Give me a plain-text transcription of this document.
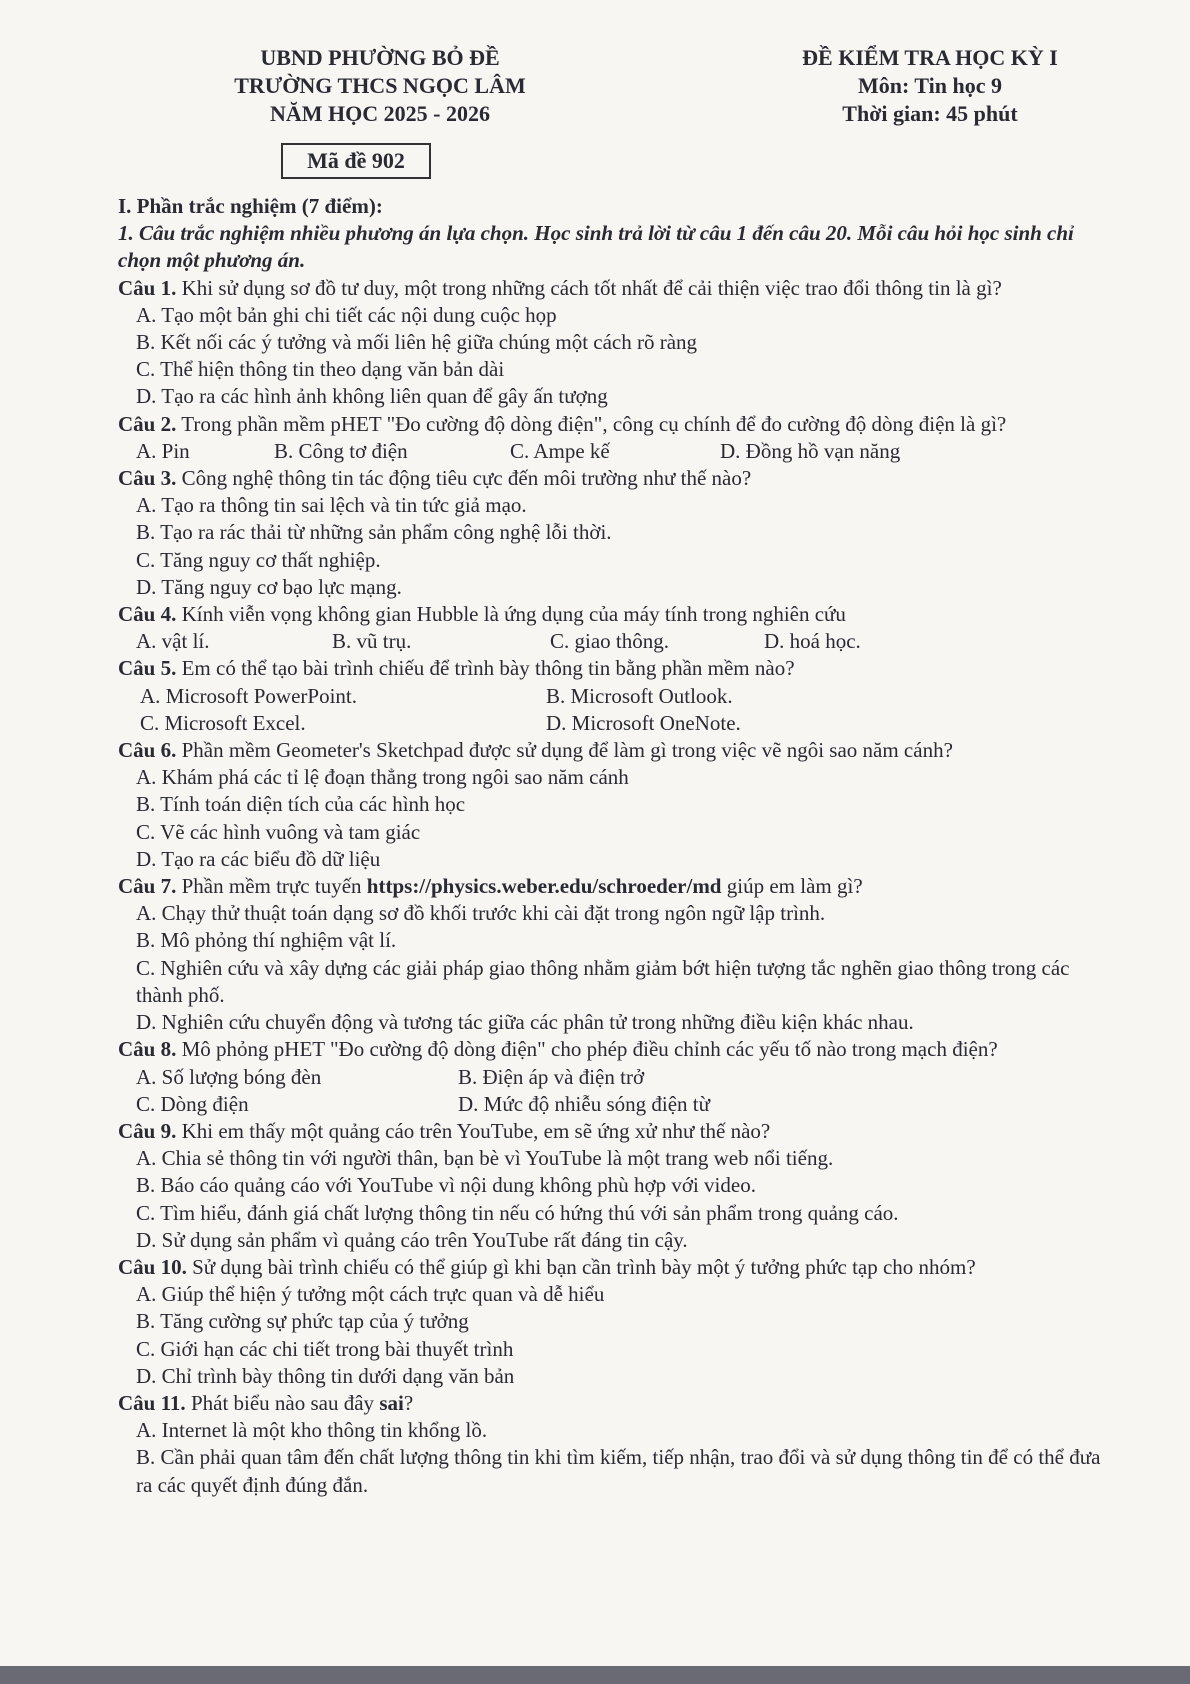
UBND PHƯỜNG BỎ ĐỀ
TRƯỜNG THCS NGỌC LÂM
NĂM HỌC 2025 - 2026
ĐỀ KIỂM TRA HỌC KỲ I
Môn: Tin học 9
Thời gian: 45 phút
Mã đề 902
I. Phần trắc nghiệm (7 điểm):
1. Câu trắc nghiệm nhiều phương án lựa chọn. Học sinh trả lời từ câu 1 đến câu 20. Mỗi câu hỏi học sinh chỉ chọn một phương án.
Câu 1. Khi sử dụng sơ đồ tư duy, một trong những cách tốt nhất để cải thiện việc trao đổi thông tin là gì?
A. Tạo một bản ghi chi tiết các nội dung cuộc họp
B. Kết nối các ý tưởng và mối liên hệ giữa chúng một cách rõ ràng
C. Thể hiện thông tin theo dạng văn bản dài
D. Tạo ra các hình ảnh không liên quan để gây ấn tượng
Câu 2. Trong phần mềm pHET "Đo cường độ dòng điện", công cụ chính để đo cường độ dòng điện là gì?
A. Pin	B. Công tơ điện	C. Ampe kế	D. Đồng hồ vạn năng
Câu 3. Công nghệ thông tin tác động tiêu cực đến môi trường như thế nào?
A. Tạo ra thông tin sai lệch và tin tức giả mạo.
B. Tạo ra rác thải từ những sản phẩm công nghệ lỗi thời.
C. Tăng nguy cơ thất nghiệp.
D. Tăng nguy cơ bạo lực mạng.
Câu 4. Kính viễn vọng không gian Hubble là ứng dụng của máy tính trong nghiên cứu
A. vật lí.	B. vũ trụ.	C. giao thông.	D. hoá học.
Câu 5. Em có thể tạo bài trình chiếu để trình bày thông tin bằng phần mềm nào?
A. Microsoft PowerPoint.	B. Microsoft Outlook.
C. Microsoft Excel.	D. Microsoft OneNote.
Câu 6. Phần mềm Geometer's Sketchpad được sử dụng để làm gì trong việc vẽ ngôi sao năm cánh?
A. Khám phá các tỉ lệ đoạn thẳng trong ngôi sao năm cánh
B. Tính toán diện tích của các hình học
C. Vẽ các hình vuông và tam giác
D. Tạo ra các biểu đồ dữ liệu
Câu 7. Phần mềm trực tuyến https://physics.weber.edu/schroeder/md giúp em làm gì?
A. Chạy thử thuật toán dạng sơ đồ khối trước khi cài đặt trong ngôn ngữ lập trình.
B. Mô phỏng thí nghiệm vật lí.
C. Nghiên cứu và xây dựng các giải pháp giao thông nhằm giảm bớt hiện tượng tắc nghẽn giao thông trong các thành phố.
D. Nghiên cứu chuyển động và tương tác giữa các phân tử trong những điều kiện khác nhau.
Câu 8. Mô phỏng pHET "Đo cường độ dòng điện" cho phép điều chỉnh các yếu tố nào trong mạch điện?
A. Số lượng bóng đèn	B. Điện áp và điện trở
C. Dòng điện	D. Mức độ nhiễu sóng điện từ
Câu 9. Khi em thấy một quảng cáo trên YouTube, em sẽ ứng xử như thế nào?
A. Chia sẻ thông tin với người thân, bạn bè vì YouTube là một trang web nổi tiếng.
B. Báo cáo quảng cáo với YouTube vì nội dung không phù hợp với video.
C. Tìm hiểu, đánh giá chất lượng thông tin nếu có hứng thú với sản phẩm trong quảng cáo.
D. Sử dụng sản phẩm vì quảng cáo trên YouTube rất đáng tin cậy.
Câu 10. Sử dụng bài trình chiếu có thể giúp gì khi bạn cần trình bày một ý tưởng phức tạp cho nhóm?
A. Giúp thể hiện ý tưởng một cách trực quan và dễ hiểu
B. Tăng cường sự phức tạp của ý tưởng
C. Giới hạn các chi tiết trong bài thuyết trình
D. Chỉ trình bày thông tin dưới dạng văn bản
Câu 11. Phát biểu nào sau đây sai?
A. Internet là một kho thông tin khổng lồ.
B. Cần phải quan tâm đến chất lượng thông tin khi tìm kiếm, tiếp nhận, trao đổi và sử dụng thông tin để có thể đưa ra các quyết định đúng đắn.
